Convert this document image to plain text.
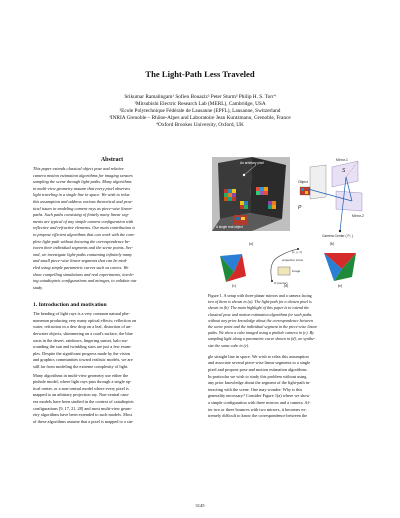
The Light-Path Less Traveled
Srikumar Ramalingam¹ Sofien Bouaziz² Peter Sturm³ Philip H. S. Torr⁴
¹Mitsubishi Electric Research Lab (MERL), Cambridge, USA
²Ecole Polytechnique Fédérale de Lausanne (EPFL), Lausanne, Switzerland
³INRIA Grenoble – Rhône-Alpes and Laboratoire Jean Kuntzmann, Grenoble, France
⁴Oxford Brookes University, Oxford, UK
Abstract
This paper extends classical object pose and relative
camera motion estimation algorithms for imaging sensors
sampling the scene through light-paths. Many algorithms
in multi-view geometry assume that every pixel observes
light traveling in a single line in space. We wish to relax
this assumption and address various theoretical and prac-
tical issues in modeling camera rays as piece-wise linear-
paths. Such paths consisting of finitely many linear seg-
ments are typical of any simple camera configuration with
reflective and refractive elements. Our main contribution is
to propose efficient algorithms that can work with the com-
plete light-path without knowing the correspondence be-
tween their individual segments and the scene points. Sec-
ond, we investigate light-paths containing infinitely many
and small piece-wise linear segments that can be mod-
eled using simple parametric curves such as conics. We
show compelling simulations and real experiments, involv-
ing catadioptric configurations and mirages, to validate our
study.
1. Introduction and motivation
The bending of light rays is a very common natural phe-
nomenon producing very many optical effects; reflection on
water, refraction in a dew drop on a leaf, distortion of un-
derwater objects, shimmering on a road's surface, the blue
oasis in the desert, rainbows, lingering sunset, halo sur-
rounding the sun and twinkling stars are just a few exam-
ples. Despite the significant progress made by the vision
and graphics communities toward realistic models, we are
still far from modeling the extreme complexity of light.
Many algorithms in multi-view geometry use either the
pinhole model, where light rays pass through a single op-
tical center, or a non-central model where every pixel is
mapped to an arbitrary projection ray. Non-central cam-
era models have been studied in the context of catadioptric
configurations [9, 17, 21, 28] and most multi-view geom-
etry algorithms have been extended to such models. Most
of these algorithms assume that a pixel is mapped to a sin-
An arbitrary pixel
A single real object
(a)
Mirror-1
Mirror-2
Object
P
S
Camera Center ( P₀ )
(b)
(c)
(x, y, z)
projection curve
image
O (center)
(d)	(e)
Figure 1. A setup with three planar mirrors and a camera facing
two of them is shown in (a). The light-path for a chosen pixel is
shown in (b). The main highlight of this paper is to extend the
classical pose and motion estimation algorithms for such paths
without any prior knowledge about the correspondence between
the scene point and the individual segment in the piece-wise linear
paths. We show a cube imaged using a pinhole camera in (c). By
sampling light along a parametric curve shown in (d), we synthe-
size the same cube in (e).
gle straight line in space. We wish to relax this assumption
and associate several piece-wise linear segments to a single
pixel and propose pose and motion estimation algorithms.
In particular we wish to study this problem without using
any prior knowledge about the segment of the light-path in-
teracting with the scene. One may wonder: Why is this
generality necessary? Consider Figure 1(a) where we show
a simple configuration with three mirrors and a camera. Af-
ter two or three bounces with two mirrors, it becomes ex-
tremely difficult to know the correspondence between the
3145
